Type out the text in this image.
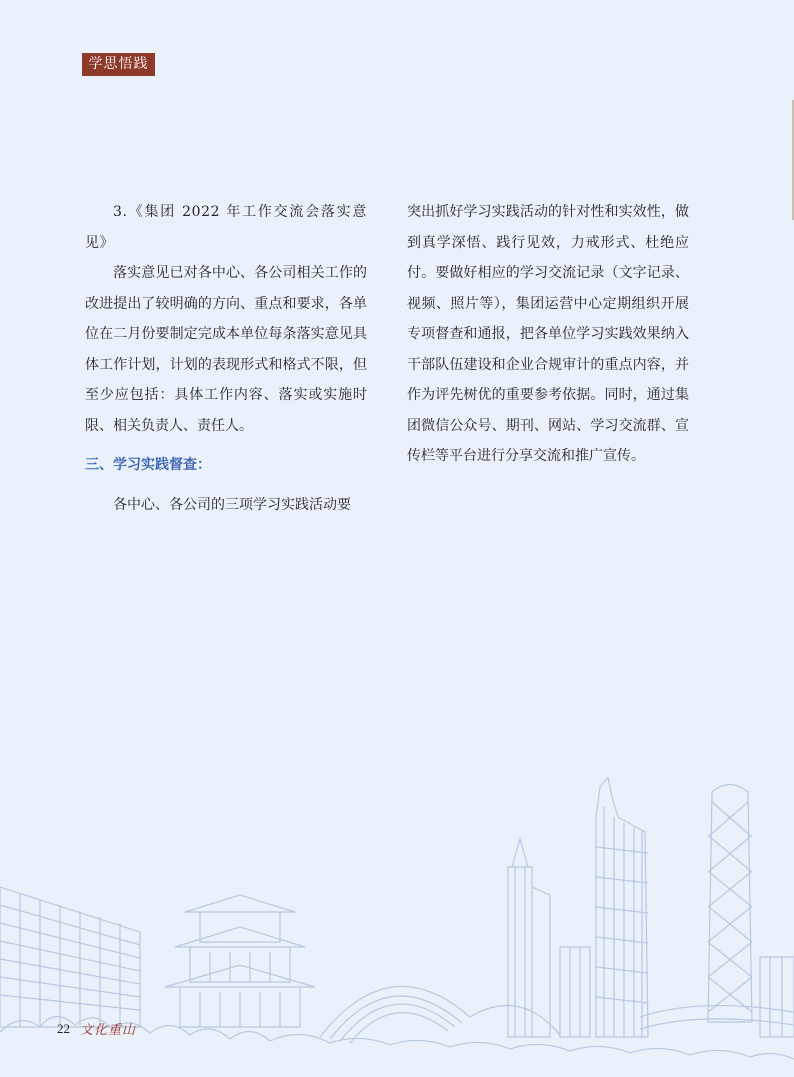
学思悟践

3.《集团 2022 年工作交流会落实意见》

落实意见已对各中心、各公司相关工作的改进提出了较明确的方向、重点和要求，各单位在二月份要制定完成本单位每条落实意见具体工作计划，计划的表现形式和格式不限，但至少应包括：具体工作内容、落实或实施时限、相关负责人、责任人。

三、学习实践督查：

各中心、各公司的三项学习实践活动要

突出抓好学习实践活动的针对性和实效性，做到真学深悟、践行见效，力戒形式、杜绝应付。要做好相应的学习交流记录（文字记录、视频、照片等），集团运营中心定期组织开展专项督查和通报，把各单位学习实践效果纳入干部队伍建设和企业合规审计的重点内容，并作为评先树优的重要参考依据。同时，通过集团微信公众号、期刊、网站、学习交流群、宣传栏等平台进行分享交流和推广宣传。

22 文化重山
